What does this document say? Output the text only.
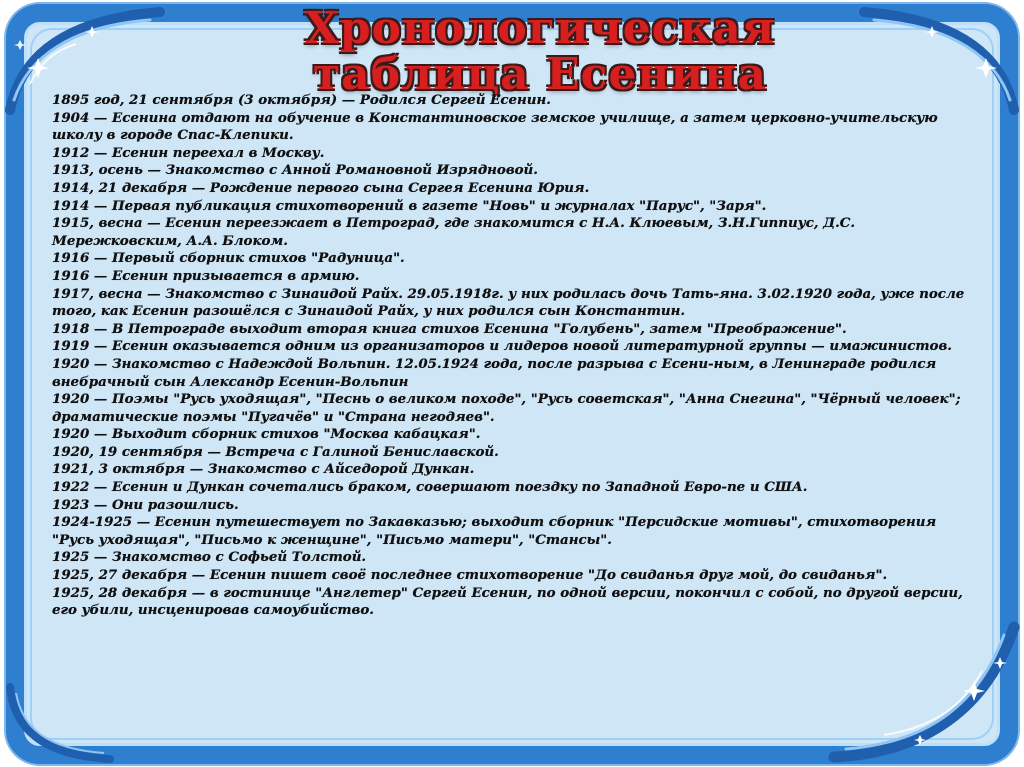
Хронологическая
таблица Есенина

1895 год, 21 сентября (3 октября) — Родился Сергей Есенин.

1904 — Есенина отдают на обучение в Константиновское земское училище, а затем церковно-учительскую школу в городе Спас-Клепики.

1912 — Есенин переехал в Москву.

1913, осень — Знакомство с Анной Романовной Изрядновой.

1914, 21 декабря — Рождение первого сына Сергея Есенина Юрия.

1914 — Первая публикация стихотворений в газете "Новь" и журналах "Парус", "Заря".

1915, весна — Есенин переезжает в Петроград, где знакомится с Н.А. Клюевым, З.Н.Гиппиус, Д.С. Мережковским, А.А. Блоком.

1916 — Первый сборник стихов "Радуница".

1916 — Есенин призывается в армию.

1917, весна — Знакомство с Зинаидой Райх. 29.05.1918г. у них родилась дочь Тать-яна. 3.02.1920 года, уже после того, как Есенин разошёлся с Зинаидой Райх, у них родился сын Константин.

1918 — В Петрограде выходит вторая книга стихов Есенина "Голубень", затем "Преображение".

1919 — Есенин оказывается одним из организаторов и лидеров новой литературной группы — имажинистов.

1920 — Знакомство с Надеждой Вольпин. 12.05.1924 года, после разрыва с Есени-ным, в Ленинграде родился внебрачный сын Александр Есенин-Вольпин

1920 — Поэмы "Русь уходящая", "Песнь о великом походе", "Русь советская", "Анна Снегина", "Чёрный человек"; драматические поэмы "Пугачёв" и "Страна негодяев".

1920 — Выходит сборник стихов "Москва кабацкая".

1920, 19 сентября — Встреча с Галиной Бениславской.

1921, 3 октября — Знакомство с Айседорой Дункан.

1922 — Есенин и Дункан сочетались браком, совершают поездку по Западной Евро-пе и США.

1923 — Они разошлись.

1924-1925 — Есенин путешествует по Закавказью; выходит сборник "Персидские мотивы", стихотворения "Русь уходящая", "Письмо к женщине", "Письмо матери", "Стансы".

1925 — Знакомство с Софьей Толстой.

1925, 27 декабря — Есенин пишет своё последнее стихотворение "До свиданья друг мой, до свиданья".

1925, 28 декабря — в гостинице "Англетер" Сергей Есенин, по одной версии, покончил с собой, по другой версии, его убили, инсценировав самоубийство.
